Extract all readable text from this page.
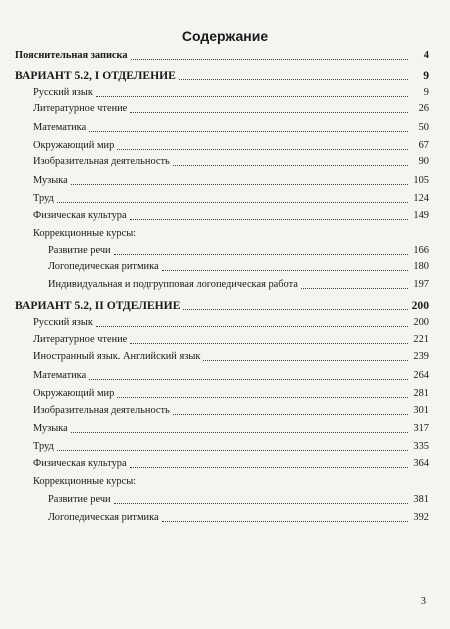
Содержание
Пояснительная записка	4
ВАРИАНТ 5.2, I ОТДЕЛЕНИЕ	9
Русский язык	9
Литературное чтение	26
Математика	50
Окружающий мир	67
Изобразительная деятельность	90
Музыка	105
Труд	124
Физическая культура	149
Коррекционные курсы:
Развитие речи	166
Логопедическая ритмика	180
Индивидуальная и подгрупповая логопедическая работа	197
ВАРИАНТ 5.2, II ОТДЕЛЕНИЕ	200
Русский язык	200
Литературное чтение	221
Иностранный язык. Английский язык	239
Математика	264
Окружающий мир	281
Изобразительная деятельность	301
Музыка	317
Труд	335
Физическая культура	364
Коррекционные курсы:
Развитие речи	381
Логопедическая ритмика	392
3
